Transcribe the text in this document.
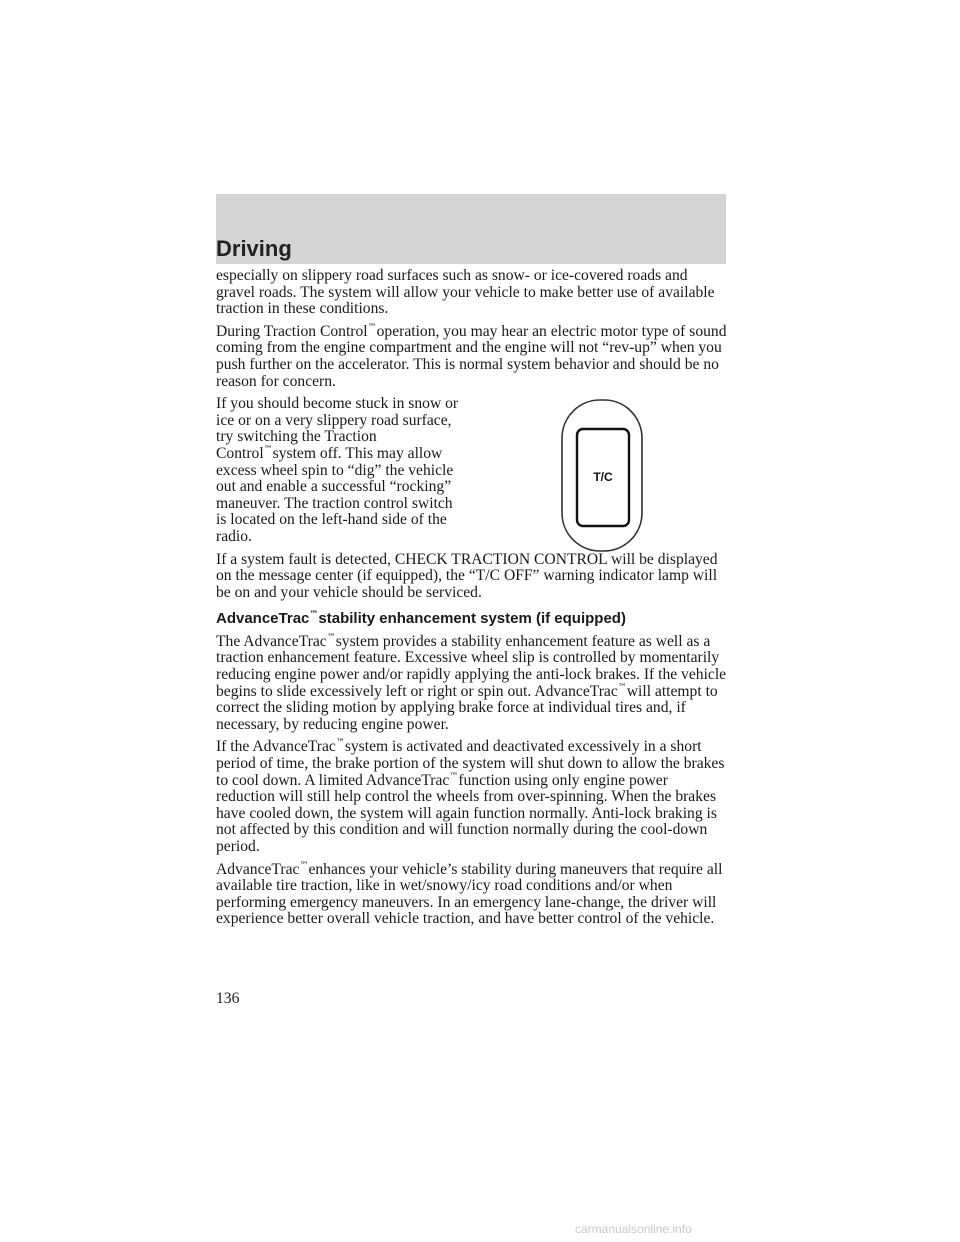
Driving

especially on slippery road surfaces such as snow- or ice-covered roads and gravel roads. The system will allow your vehicle to make better use of available traction in these conditions.

During Traction Control™operation, you may hear an electric motor type of sound coming from the engine compartment and the engine will not “rev-up” when you push further on the accelerator. This is normal system behavior and should be no reason for concern.

If you should become stuck in snow or ice or on a very slippery road surface, try switching the Traction Control™system off. This may allow excess wheel spin to “dig” the vehicle out and enable a successful “rocking” maneuver. The traction control switch is located on the left-hand side of the radio.

If a system fault is detected, CHECK TRACTION CONTROL will be displayed on the message center (if equipped), the “T/C OFF” warning indicator lamp will be on and your vehicle should be serviced.

AdvanceTrac™stability enhancement system (if equipped)

The AdvanceTrac™system provides a stability enhancement feature as well as a traction enhancement feature. Excessive wheel slip is controlled by momentarily reducing engine power and/or rapidly applying the anti-lock brakes. If the vehicle begins to slide excessively left or right or spin out. AdvanceTrac™will attempt to correct the sliding motion by applying brake force at individual tires and, if necessary, by reducing engine power.

If the AdvanceTrac™system is activated and deactivated excessively in a short period of time, the brake portion of the system will shut down to allow the brakes to cool down. A limited AdvanceTrac™function using only engine power reduction will still help control the wheels from over-spinning. When the brakes have cooled down, the system will again function normally. Anti-lock braking is not affected by this condition and will function normally during the cool-down period.

AdvanceTrac™enhances your vehicle’s stability during maneuvers that require all available tire traction, like in wet/snowy/icy road conditions and/or when performing emergency maneuvers. In an emergency lane-change, the driver will experience better overall vehicle traction, and have better control of the vehicle.

T/C
136
carmanualsonline.info
